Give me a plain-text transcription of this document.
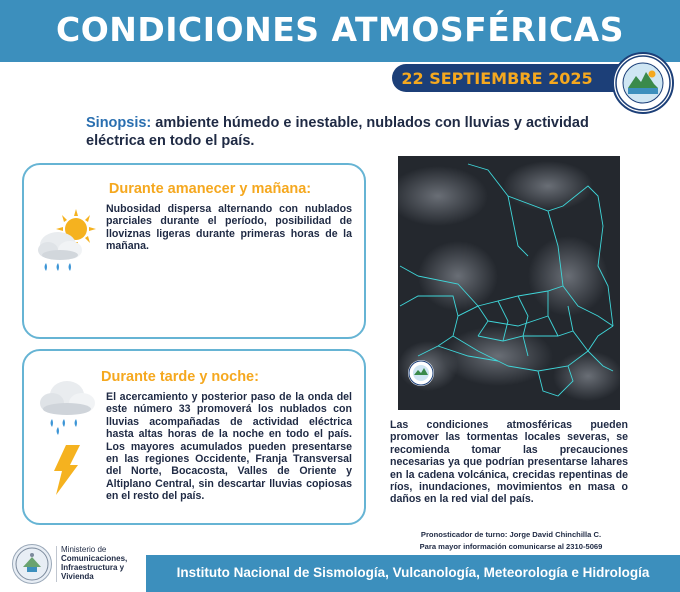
CONDICIONES ATMOSFÉRICAS
22 SEPTIEMBRE 2025
Sinopsis: ambiente húmedo e inestable, nublados con lluvias y actividad eléctrica en todo el país.
Durante amanecer y mañana:
Nubosidad dispersa alternando con nublados parciales durante el período, posibilidad de lloviznas ligeras durante primeras horas de la mañana.
Durante tarde y noche:
El acercamiento y posterior paso de la onda del este número 33 promoverá los nublados con lluvias acompañadas de actividad eléctrica hasta altas horas de la noche en todo el país. Los mayores acumulados pueden presentarse en las regiones Occidente, Franja Transversal del Norte, Bocacosta, Valles de Oriente y Altiplano Central, sin descartar lluvias copiosas en el resto del país.
Las condiciones atmosféricas pueden promover las tormentas locales severas, se recomienda tomar las precauciones necesarias ya que podrían presentarse lahares en la cadena volcánica, crecidas repentinas de ríos, inundaciones, movimientos en masa o daños en la red vial del país.
Pronosticador de turno: Jorge David Chinchilla C.
Para mayor información comunicarse al 2310-5069
Ministerio de
Comunicaciones,
Infraestructura y
Vivienda	Instituto Nacional de Sismología, Vulcanología, Meteorología e Hidrología
